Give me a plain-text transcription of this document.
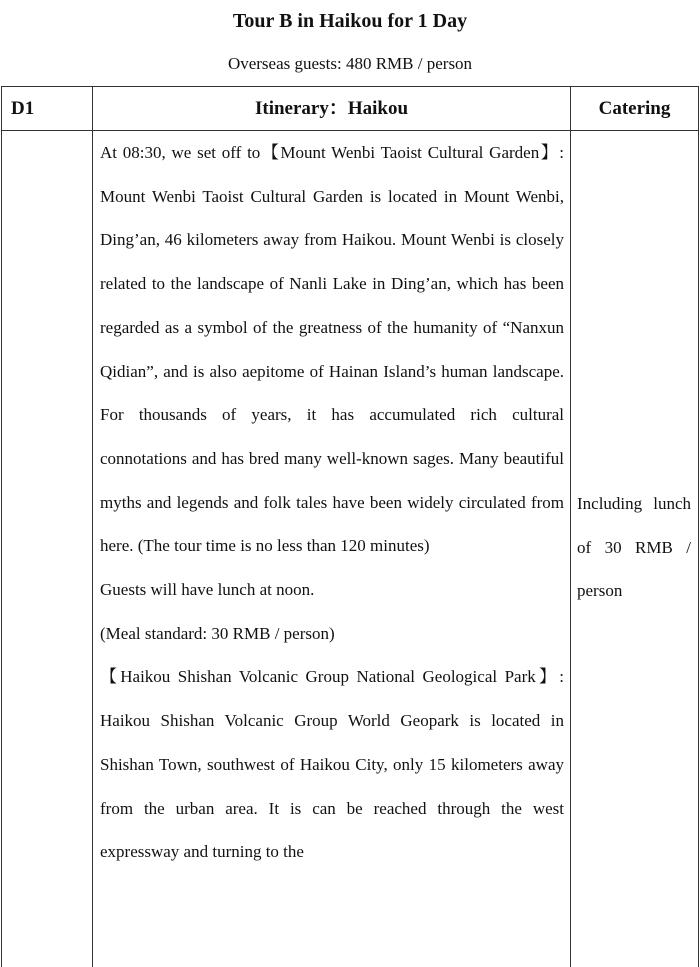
Tour B in Haikou for 1 Day
Overseas guests: 480 RMB / person
D1	Itinerary：Haikou	Catering

At 08:30, we set off to【Mount Wenbi Taoist Cultural Garden】: Mount Wenbi Taoist Cultural Garden is located in Mount Wenbi, Ding’an, 46 kilometers away from Haikou. Mount Wenbi is closely related to the landscape of Nanli Lake in Ding’an, which has been regarded as a symbol of the greatness of the humanity of “Nanxun Qidian”, and is also aepitome of Hainan Island’s human landscape. For thousands of years, it has accumulated rich cultural connotations and has bred many well-known sages. Many beautiful myths and legends and folk tales have been widely circulated from here. (The tour time is no less than 120 minutes)

Guests will have lunch at noon.

(Meal standard: 30 RMB / person)

【Haikou Shishan Volcanic Group National Geological Park】: Haikou Shishan Volcanic Group World Geopark is located in Shishan Town, southwest of Haikou City, only 15 kilometers away from the urban area. It is can be reached through the west expressway and turning to the

Including lunch of 30 RMB / person
